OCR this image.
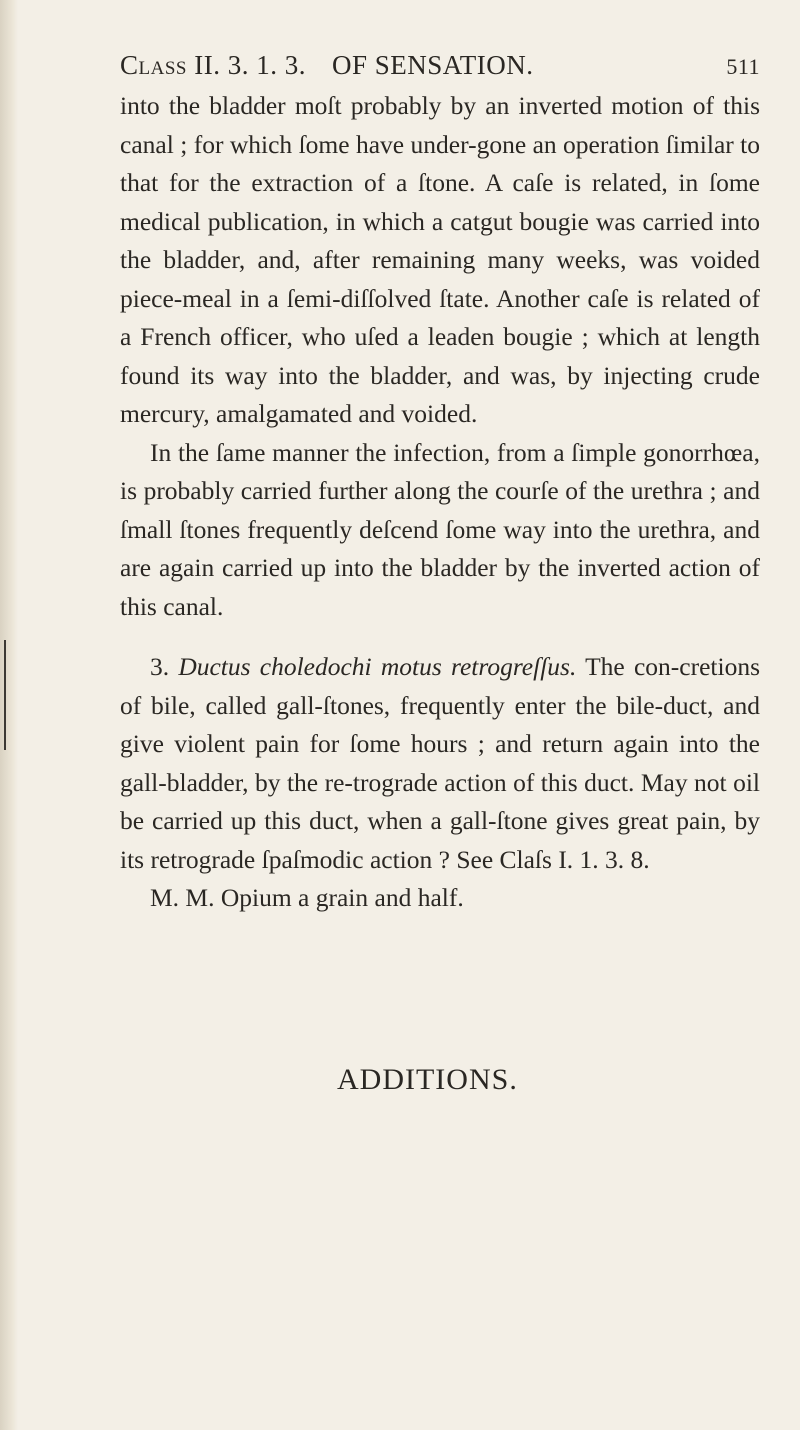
Class II. 3. 1. 3. OF SENSATION.	511

into the bladder moſt probably by an inverted motion of this canal ; for which ſome have under-gone an operation ſimilar to that for the extraction of a ſtone. A caſe is related, in ſome medical publication, in which a catgut bougie was carried into the bladder, and, after remaining many weeks, was voided piece-meal in a ſemi-diſſolved ſtate. Another caſe is related of a French officer, who uſed a leaden bougie ; which at length found its way into the bladder, and was, by injecting crude mercury, amalgamated and voided.

In the ſame manner the infection, from a ſimple gonorrhœa, is probably carried further along the courſe of the urethra ; and ſmall ſtones frequently deſcend ſome way into the urethra, and are again carried up into the bladder by the inverted action of this canal.

3. Ductus choledochi motus retrogreſſus. The con-cretions of bile, called gall-ſtones, frequently enter the bile-duct, and give violent pain for ſome hours ; and return again into the gall-bladder, by the re-trograde action of this duct. May not oil be carried up this duct, when a gall-ſtone gives great pain, by its retrograde ſpaſmodic action ? See Claſs I. 1. 3. 8.

M. M. Opium a grain and half.

ADDITIONS.
